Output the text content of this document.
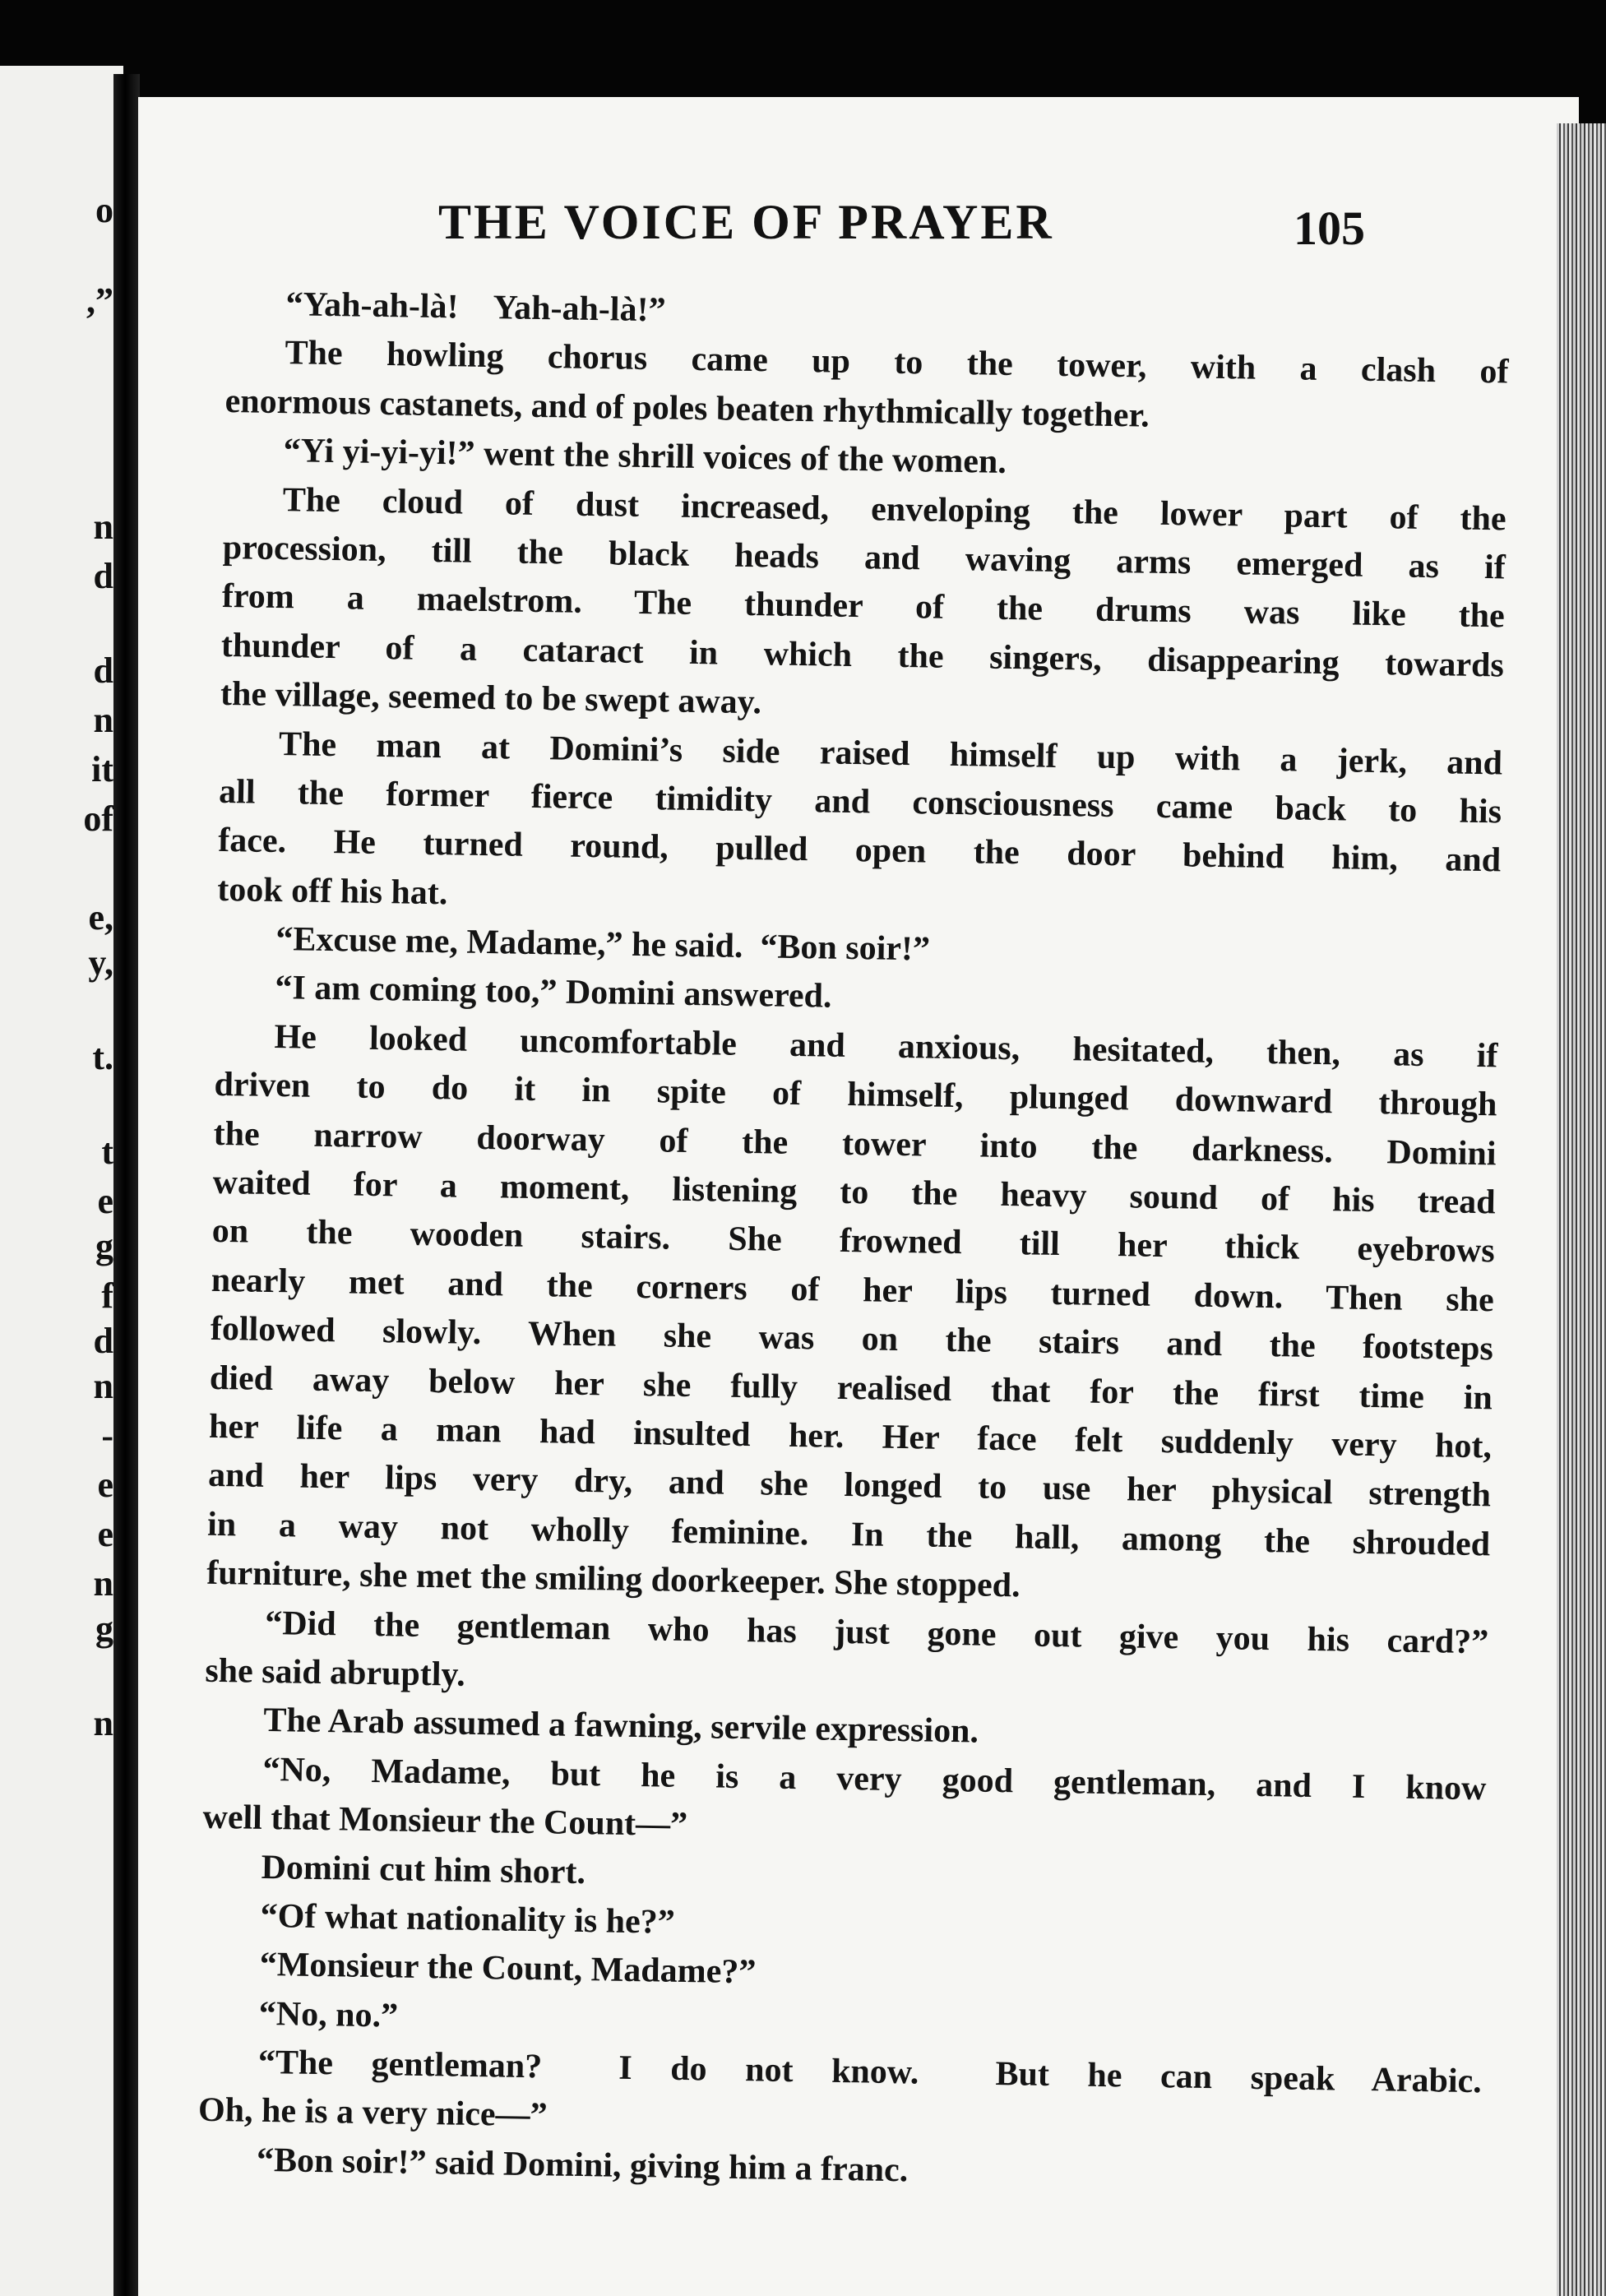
o
,”
n
d
d
n
it
of
e,
y,
t.
t
e
g
f
d
n
-
e
e
n
g
n
THE VOICE OF PRAYER	105
“Yah-ah-là!    Yah-ah-là!”
The howling chorus came up to the tower, with a clash of
enormous castanets, and of poles beaten rhythmically together.
“Yi yi-yi-yi!” went the shrill voices of the women.
The cloud of dust increased, enveloping the lower part of the
procession, till the black heads and waving arms emerged as if
from a maelstrom. The thunder of the drums was like the
thunder of a cataract in which the singers, disappearing towards
the village, seemed to be swept away.
The man at Domini’s side raised himself up with a jerk, and
all the former fierce timidity and consciousness came back to his
face. He turned round, pulled open the door behind him, and
took off his hat.
“Excuse me, Madame,” he said.  “Bon soir!”
“I am coming too,” Domini answered.
He looked uncomfortable and anxious, hesitated, then, as if
driven to do it in spite of himself, plunged downward through
the narrow doorway of the tower into the darkness. Domini
waited for a moment, listening to the heavy sound of his tread
on the wooden stairs. She frowned till her thick eyebrows
nearly met and the corners of her lips turned down. Then she
followed slowly. When she was on the stairs and the footsteps
died away below her she fully realised that for the first time in
her life a man had insulted her. Her face felt suddenly very hot,
and her lips very dry, and she longed to use her physical strength
in a way not wholly feminine. In the hall, among the shrouded
furniture, she met the smiling doorkeeper. She stopped.
“Did the gentleman who has just gone out give you his card?”
she said abruptly.
The Arab assumed a fawning, servile expression.
“No, Madame, but he is a very good gentleman, and I know
well that Monsieur the Count—”
Domini cut him short.
“Of what nationality is he?”
“Monsieur the Count, Madame?”
“No, no.”
“The gentleman?  I do not know.  But he can speak Arabic.
Oh, he is a very nice—”
“Bon soir!” said Domini, giving him a franc.
